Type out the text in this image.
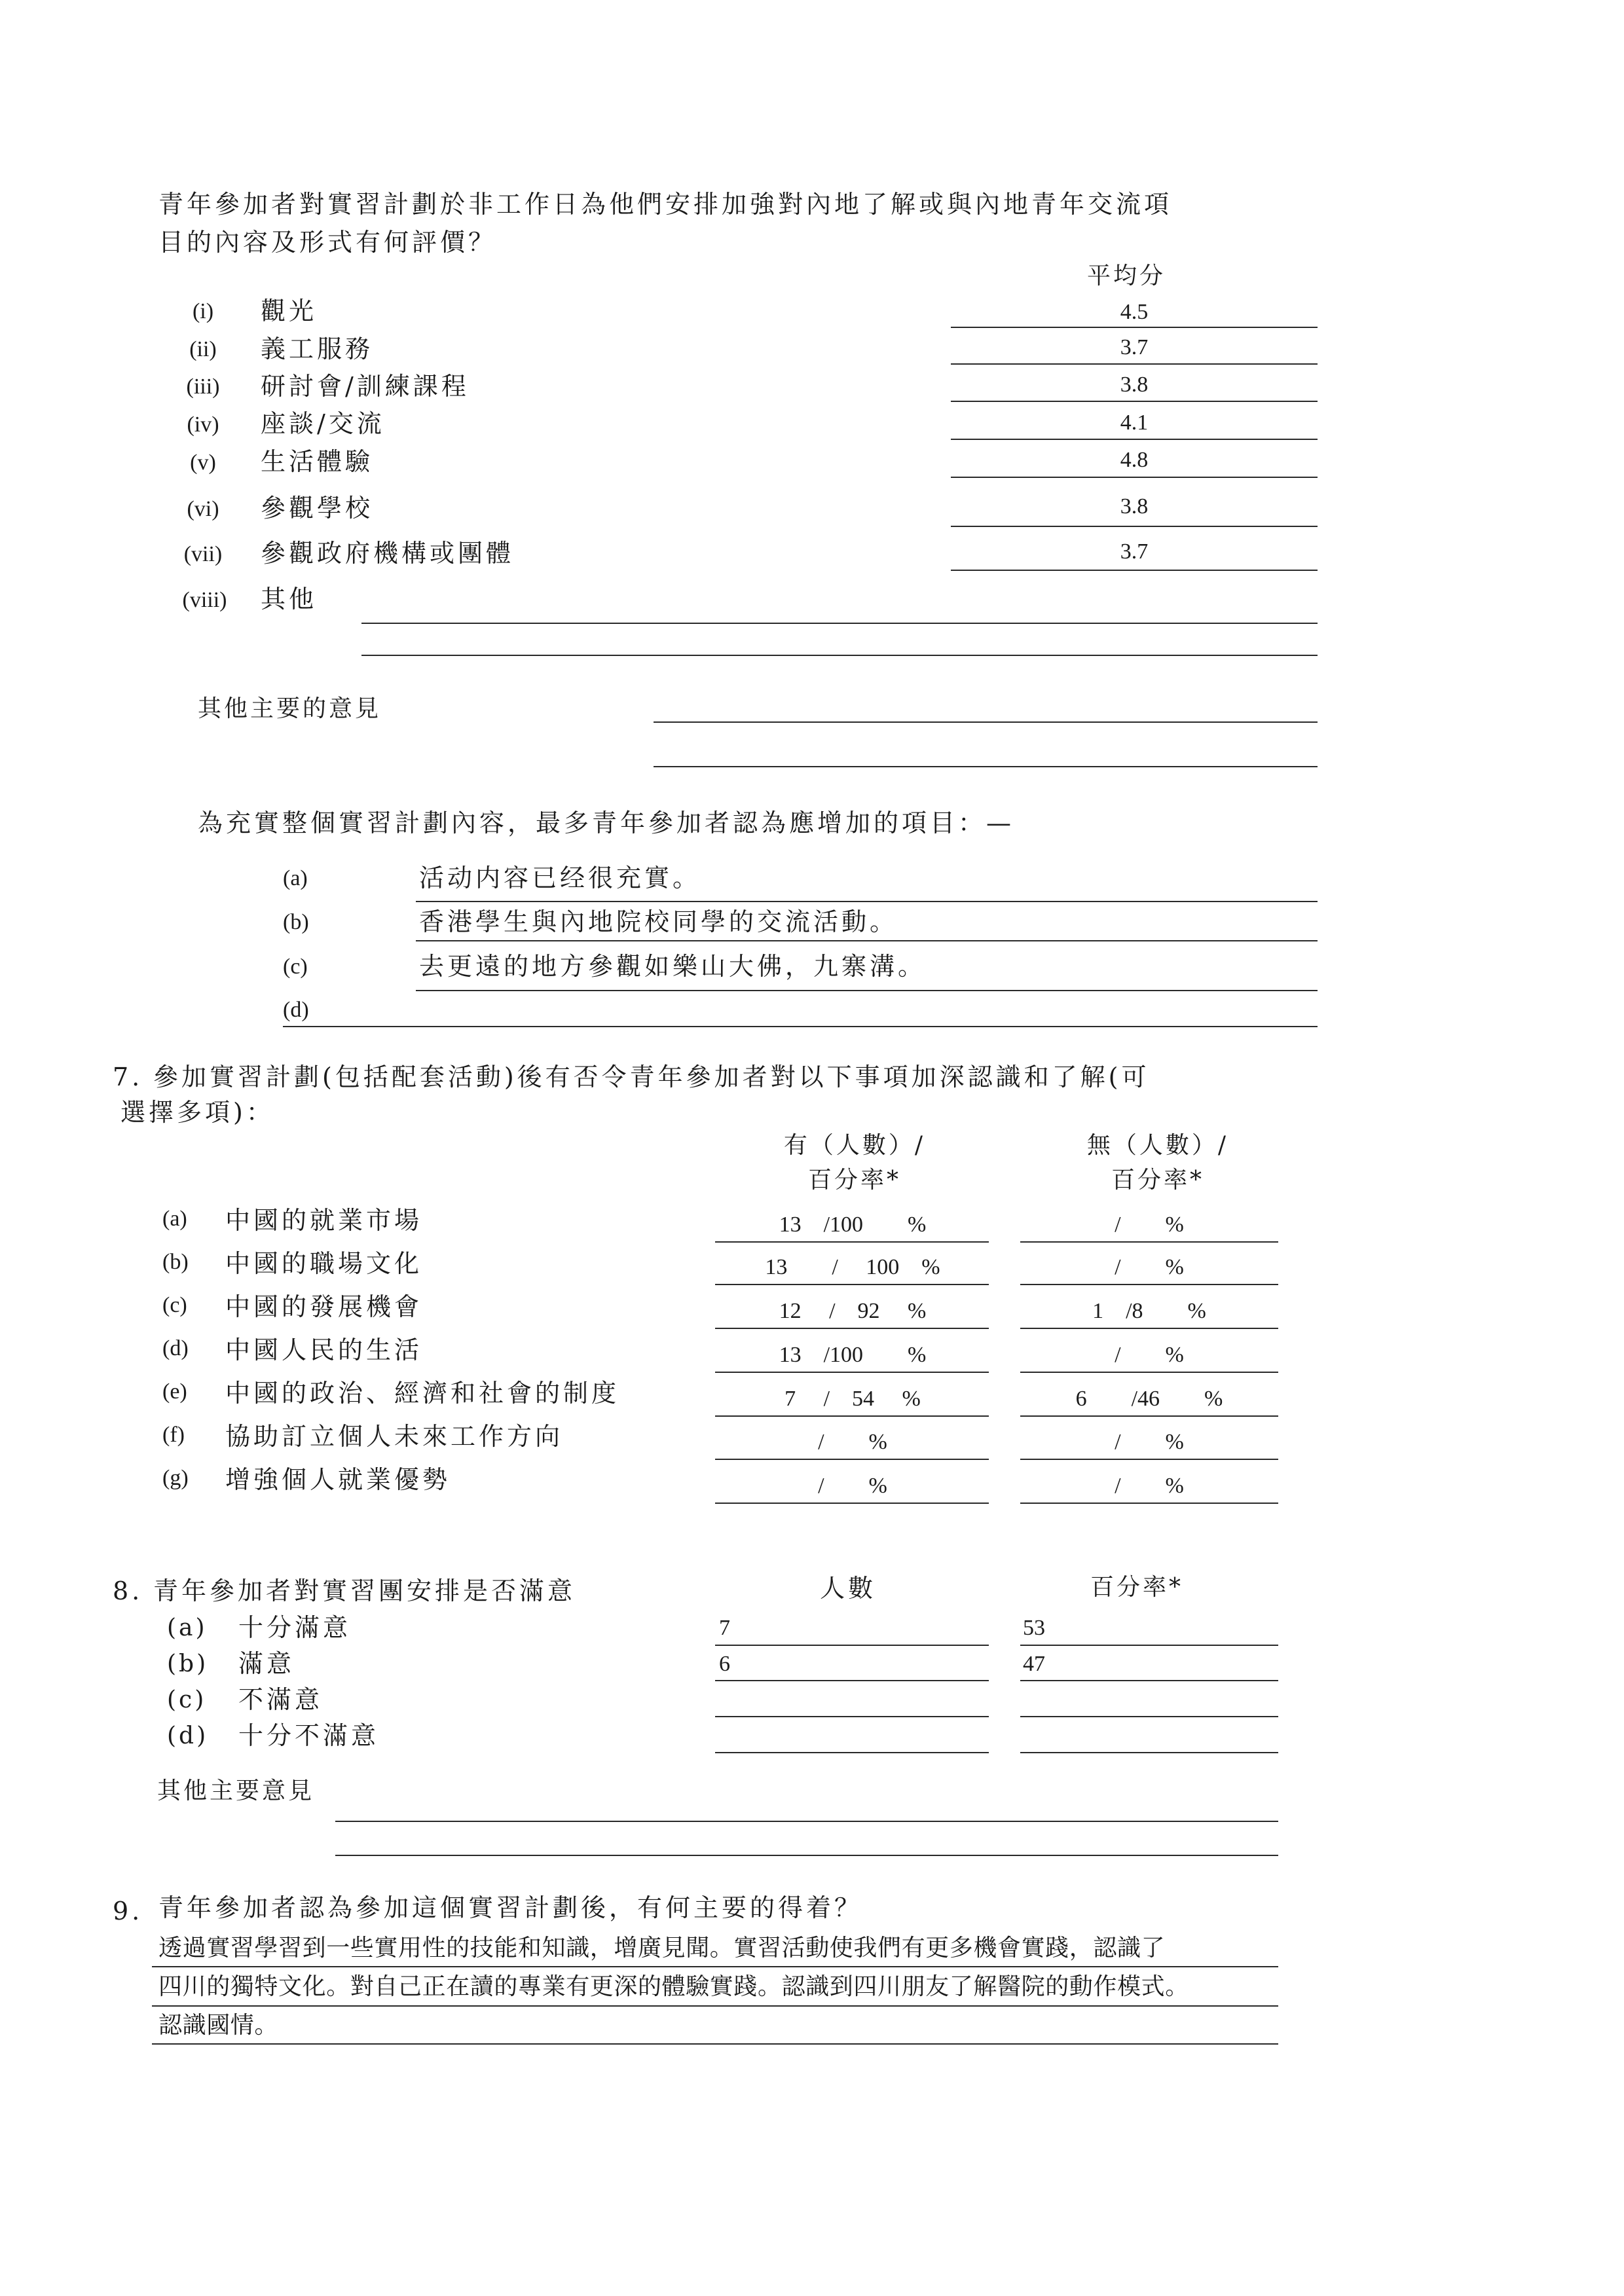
青年參加者對實習計劃於非工作日為他們安排加強對內地了解或與內地青年交流項
目的內容及形式有何評價？
平均分
(i)	觀光	4.5
(ii)	義工服務	3.7
(iii)	研討會/訓練課程	3.8
(iv)	座談/交流	4.1
(v)	生活體驗	4.8
(vi)	參觀學校	3.8
(vii)	參觀政府機構或團體	3.7
(viii)	其他
其他主要的意見
為充實整個實習計劃內容，最多青年參加者認為應增加的項目：—
(a)	活动内容已经很充實。
(b)	香港學生與內地院校同學的交流活動。
(c)	去更遠的地方參觀如樂山大佛，九寨溝。
(d)
7. 參加實習計劃(包括配套活動)後有否令青年參加者對以下事項加深認識和了解(可
選擇多項)：
有（人數）/
百分率*
無（人數）/
百分率*
(a) 中國的就業市場	13　/100　　%	/　　%
(b) 中國的職場文化	13　　/　 100　%	/　　%
(c) 中國的發展機會	12　 /　92　 %	1　/8　　%
(d) 中國人民的生活	13　/100　　%	/　　%
(e) 中國的政治、經濟和社會的制度	7　 /　54　 %	6　　/46　　%
(f) 協助訂立個人未來工作方向	/　　%	/　　%
(g) 增強個人就業優勢	/　　%	/　　%
8. 青年參加者對實習團安排是否滿意	人數	百分率*
(a) 十分滿意	7	53
(b) 滿意	6	47
(c) 不滿意
(d) 十分不滿意
其他主要意見
9. 青年參加者認為參加這個實習計劃後，有何主要的得着？
透過實習學習到一些實用性的技能和知識，增廣見聞。實習活動使我們有更多機會實踐，認識了
四川的獨特文化。對自己正在讀的專業有更深的體驗實踐。認識到四川朋友了解醫院的動作模式。
認識國情。
